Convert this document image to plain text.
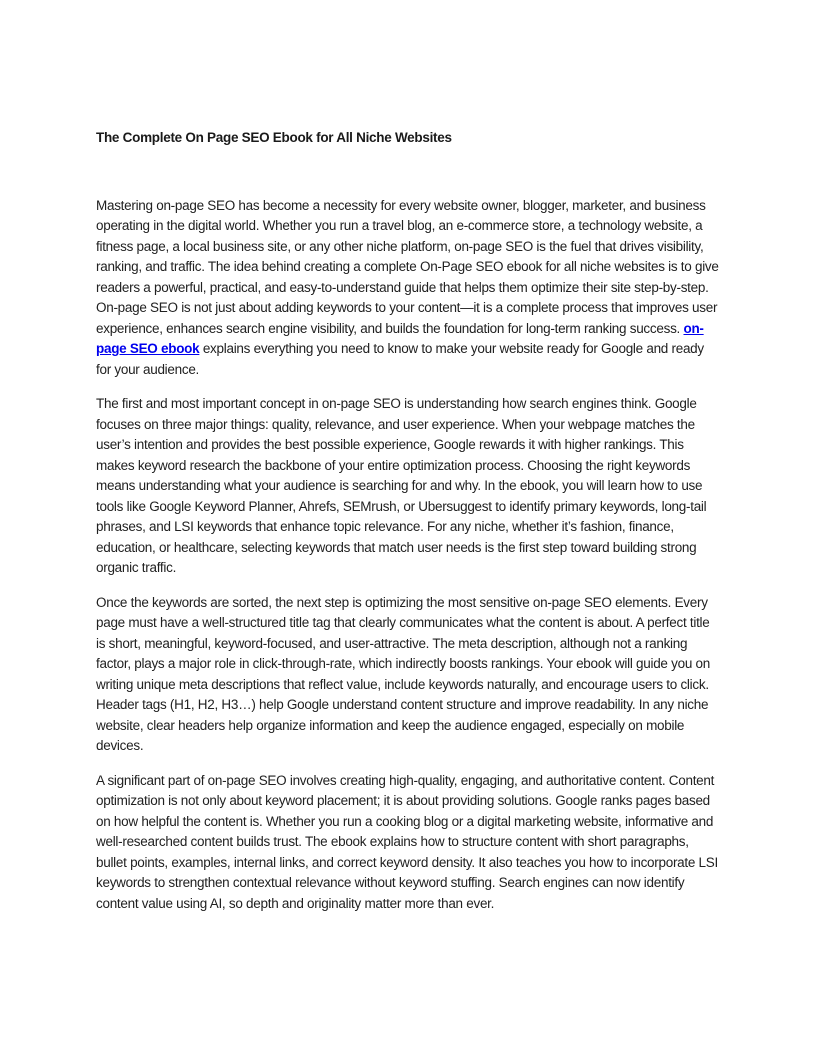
The Complete On Page SEO Ebook for All Niche Websites

Mastering on-page SEO has become a necessity for every website owner, blogger, marketer, and business operating in the digital world. Whether you run a travel blog, an e-commerce store, a technology website, a fitness page, a local business site, or any other niche platform, on-page SEO is the fuel that drives visibility, ranking, and traffic. The idea behind creating a complete On-Page SEO ebook for all niche websites is to give readers a powerful, practical, and easy-to-understand guide that helps them optimize their site step-by-step. On-page SEO is not just about adding keywords to your content—it is a complete process that improves user experience, enhances search engine visibility, and builds the foundation for long-term ranking success. on-page SEO ebook explains everything you need to know to make your website ready for Google and ready for your audience.

The first and most important concept in on-page SEO is understanding how search engines think. Google focuses on three major things: quality, relevance, and user experience. When your webpage matches the user’s intention and provides the best possible experience, Google rewards it with higher rankings. This makes keyword research the backbone of your entire optimization process. Choosing the right keywords means understanding what your audience is searching for and why. In the ebook, you will learn how to use tools like Google Keyword Planner, Ahrefs, SEMrush, or Ubersuggest to identify primary keywords, long-tail phrases, and LSI keywords that enhance topic relevance. For any niche, whether it’s fashion, finance, education, or healthcare, selecting keywords that match user needs is the first step toward building strong organic traffic.

Once the keywords are sorted, the next step is optimizing the most sensitive on-page SEO elements. Every page must have a well-structured title tag that clearly communicates what the content is about. A perfect title is short, meaningful, keyword-focused, and user-attractive. The meta description, although not a ranking factor, plays a major role in click-through-rate, which indirectly boosts rankings. Your ebook will guide you on writing unique meta descriptions that reflect value, include keywords naturally, and encourage users to click. Header tags (H1, H2, H3…) help Google understand content structure and improve readability. In any niche website, clear headers help organize information and keep the audience engaged, especially on mobile devices.

A significant part of on-page SEO involves creating high-quality, engaging, and authoritative content. Content optimization is not only about keyword placement; it is about providing solutions. Google ranks pages based on how helpful the content is. Whether you run a cooking blog or a digital marketing website, informative and well-researched content builds trust. The ebook explains how to structure content with short paragraphs, bullet points, examples, internal links, and correct keyword density. It also teaches you how to incorporate LSI keywords to strengthen contextual relevance without keyword stuffing. Search engines can now identify content value using AI, so depth and originality matter more than ever.
